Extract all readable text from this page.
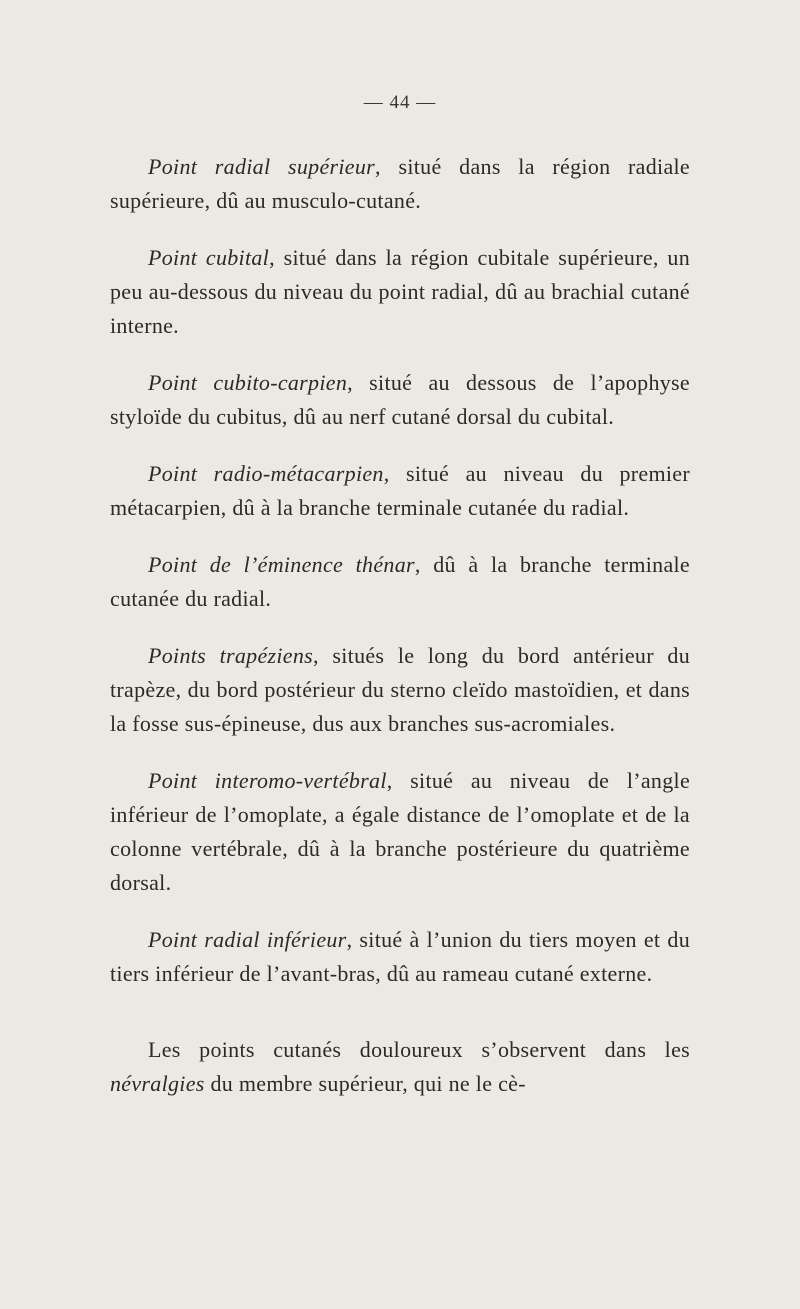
— 44 —

Point radial supérieur, situé dans la région radiale supérieure, dû au musculo-cutané.

Point cubital, situé dans la région cubitale supérieure, un peu au-dessous du niveau du point radial, dû au brachial cutané interne.

Point cubito-carpien, situé au dessous de l’apophyse styloïde du cubitus, dû au nerf cutané dorsal du cubital.

Point radio-métacarpien, situé au niveau du premier métacarpien, dû à la branche terminale cutanée du radial.

Point de l’éminence thénar, dû à la branche terminale cutanée du radial.

Points trapéziens, situés le long du bord antérieur du trapèze, du bord postérieur du sterno cleïdo mastoïdien, et dans la fosse sus-épineuse, dus aux branches sus-acromiales.

Point interomo-vertébral, situé au niveau de l’angle inférieur de l’omoplate, a égale distance de l’omoplate et de la colonne vertébrale, dû à la branche postérieure du quatrième dorsal.

Point radial inférieur, situé à l’union du tiers moyen et du tiers inférieur de l’avant-bras, dû au rameau cutané externe.

Les points cutanés douloureux s’observent dans les névralgies du membre supérieur, qui ne le cè-
